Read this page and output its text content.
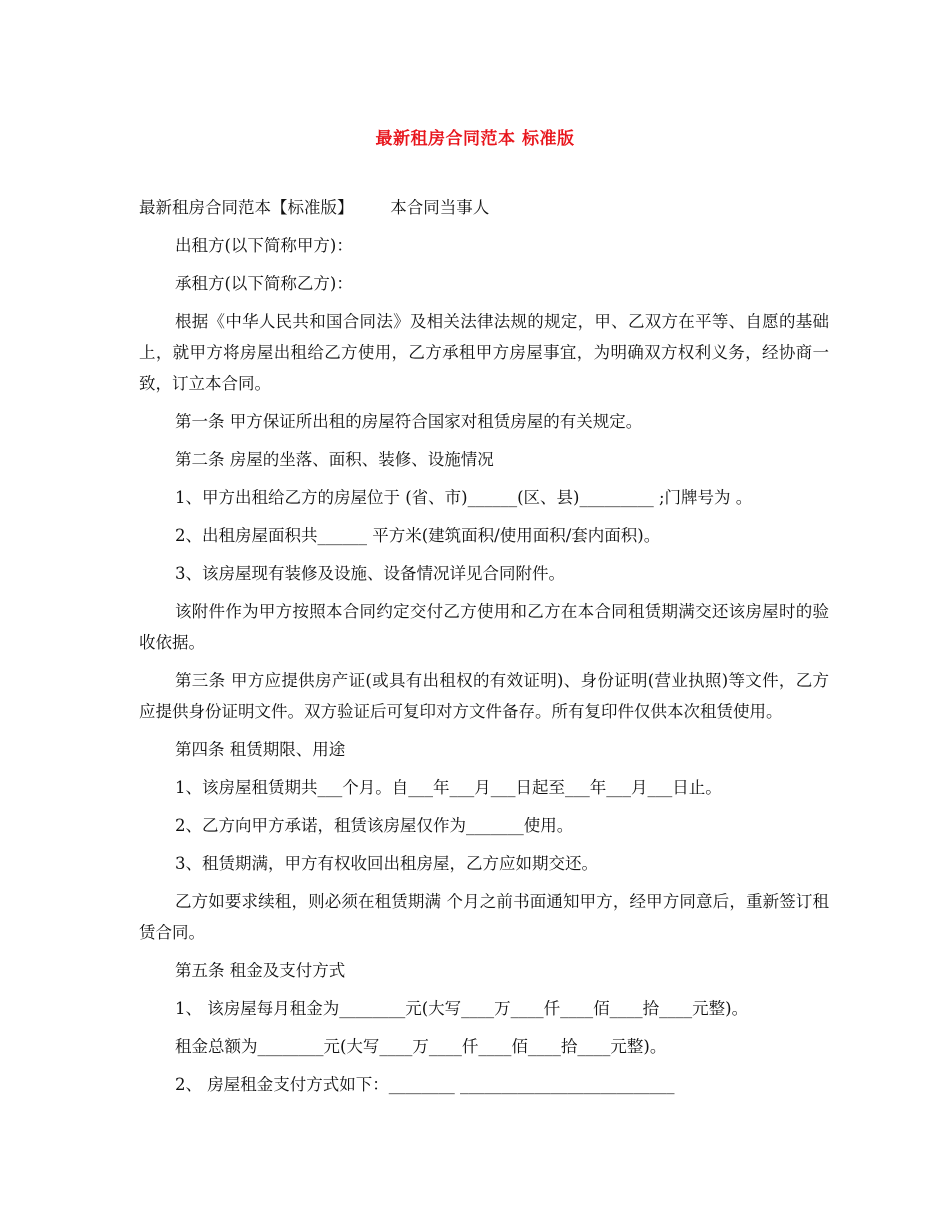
最新租房合同范本 标准版

最新租房合同范本【标准版】       本合同当事人

出租方(以下简称甲方)：

承租方(以下简称乙方)：

根据《中华人民共和国合同法》及相关法律法规的规定，甲、乙双方在平等、自愿的基础上，就甲方将房屋出租给乙方使用，乙方承租甲方房屋事宜，为明确双方权利义务，经协商一致，订立本合同。

第一条 甲方保证所出租的房屋符合国家对租赁房屋的有关规定。

第二条 房屋的坐落、面积、装修、设施情况

1、甲方出租给乙方的房屋位于 (省、市)______(区、县)_________ ;门牌号为 。

2、出租房屋面积共______ 平方米(建筑面积/使用面积/套内面积)。

3、该房屋现有装修及设施、设备情况详见合同附件。

该附件作为甲方按照本合同约定交付乙方使用和乙方在本合同租赁期满交还该房屋时的验收依据。

第三条 甲方应提供房产证(或具有出租权的有效证明)、身份证明(营业执照)等文件，乙方应提供身份证明文件。双方验证后可复印对方文件备存。所有复印件仅供本次租赁使用。

第四条 租赁期限、用途

1、该房屋租赁期共___个月。自___年___月___日起至___年___月___日止。

2、乙方向甲方承诺，租赁该房屋仅作为_______使用。

3、租赁期满，甲方有权收回出租房屋，乙方应如期交还。

乙方如要求续租，则必须在租赁期满 个月之前书面通知甲方，经甲方同意后，重新签订租赁合同。

第五条 租金及支付方式

1、 该房屋每月租金为________元(大写____万____仟____佰____拾____元整)。

租金总额为________元(大写____万____仟____佰____拾____元整)。

2、 房屋租金支付方式如下：________ __________________________
